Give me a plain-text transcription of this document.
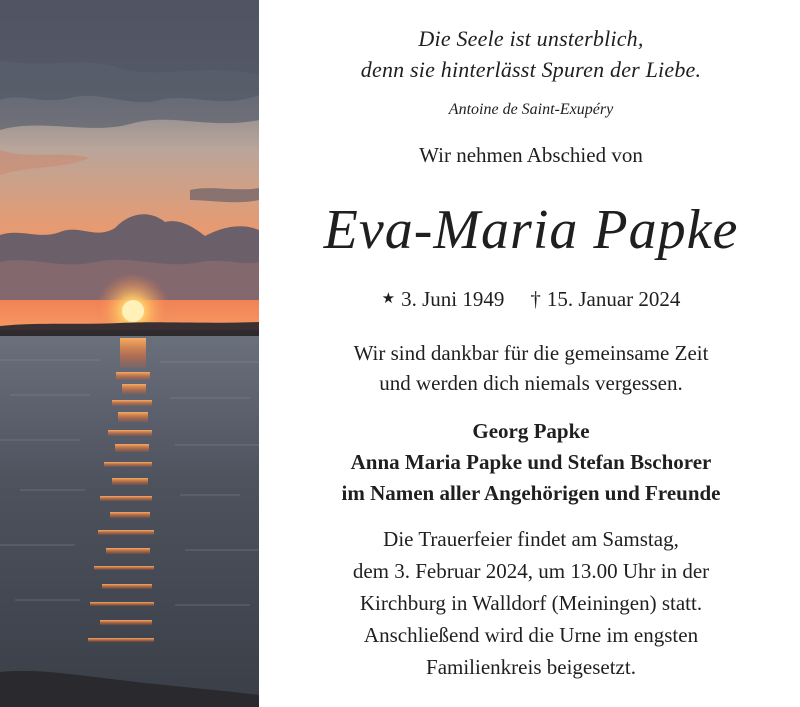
Die Seele ist unsterblich,
denn sie hinterlässt Spuren der Liebe.
Antoine de Saint-Exupéry
Wir nehmen Abschied von
Eva-Maria Papke
★ 3. Juni 1949 † 15. Januar 2024
Wir sind dankbar für die gemeinsame Zeit
und werden dich niemals vergessen.
Georg Papke
Anna Maria Papke und Stefan Bschorer
im Namen aller Angehörigen und Freunde
Die Trauerfeier findet am Samstag,
dem 3. Februar 2024, um 13.00 Uhr in der
Kirchburg in Walldorf (Meiningen) statt.
Anschließend wird die Urne im engsten
Familienkreis beigesetzt.
